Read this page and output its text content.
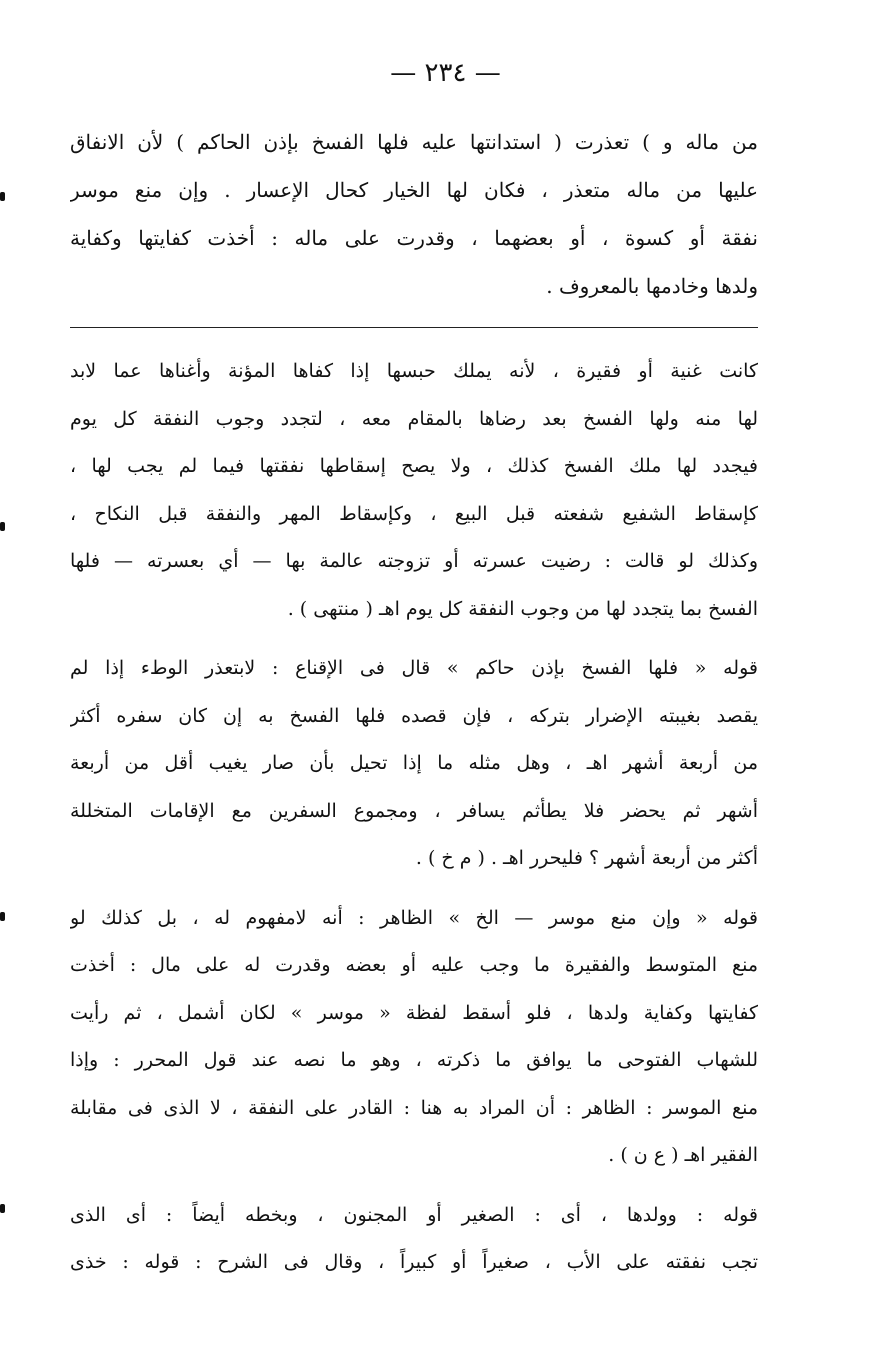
— ٢٣٤ —
من ماله و ) تعذرت ( استدانتها عليه فلها الفسخ بإذن الحاكم ) لأن الانفاق
عليها من ماله متعذر ، فكان لها الخيار كحال الإعسار . وإن منع موسر
نفقة أو كسوة ، أو بعضهما ، وقدرت على ماله : أخذت كفايتها وكفاية
ولدها وخادمها بالمعروف .
كانت غنية أو فقيرة ، لأنه يملك حبسها إذا كفاها المؤنة وأغناها عما لابد
لها منه ولها الفسخ بعد رضاها بالمقام معه ، لتجدد وجوب النفقة كل يوم
فيجدد لها ملك الفسخ كذلك ، ولا يصح إسقاطها نفقتها فيما لم يجب لها ،
كإسقاط الشفيع شفعته قبل البيع ، وكإسقاط المهر والنفقة قبل النكاح ،
وكذلك لو قالت : رضيت عسرته أو تزوجته عالمة بها — أي بعسرته — فلها
الفسخ بما يتجدد لها من وجوب النفقة كل يوم اهـ ( منتهى ) .
قوله « فلها الفسخ بإذن حاكم » قال فى الإقناع : لابتعذر الوطء إذا لم
يقصد بغيبته الإضرار بتركه ، فإن قصده فلها الفسخ به إن كان سفره أكثر
من أربعة أشهر اهـ ، وهل مثله ما إذا تحيل بأن صار يغيب أقل من أربعة
أشهر ثم يحضر فلا يطأثم يسافر ، ومجموع السفرين مع الإقامات المتخللة
أكثر من أربعة أشهر ؟ فليحرر اهـ . ( م خ ) .
قوله « وإن منع موسر — الخ » الظاهر : أنه لامفهوم له ، بل كذلك لو
منع المتوسط والفقيرة ما وجب عليه أو بعضه وقدرت له على مال : أخذت
كفايتها وكفاية ولدها ، فلو أسقط لفظة « موسر » لكان أشمل ، ثم رأيت
للشهاب الفتوحى ما يوافق ما ذكرته ، وهو ما نصه عند قول المحرر : وإذا
منع الموسر : الظاهر : أن المراد به هنا : القادر على النفقة ، لا الذى فى مقابلة
الفقير اهـ ( ع ن ) .
قوله : وولدها ، أى : الصغير أو المجنون ، وبخطه أيضاً : أى الذى
تجب نفقته على الأب ، صغيراً أو كبيراً ، وقال فى الشرح : قوله : خذى
